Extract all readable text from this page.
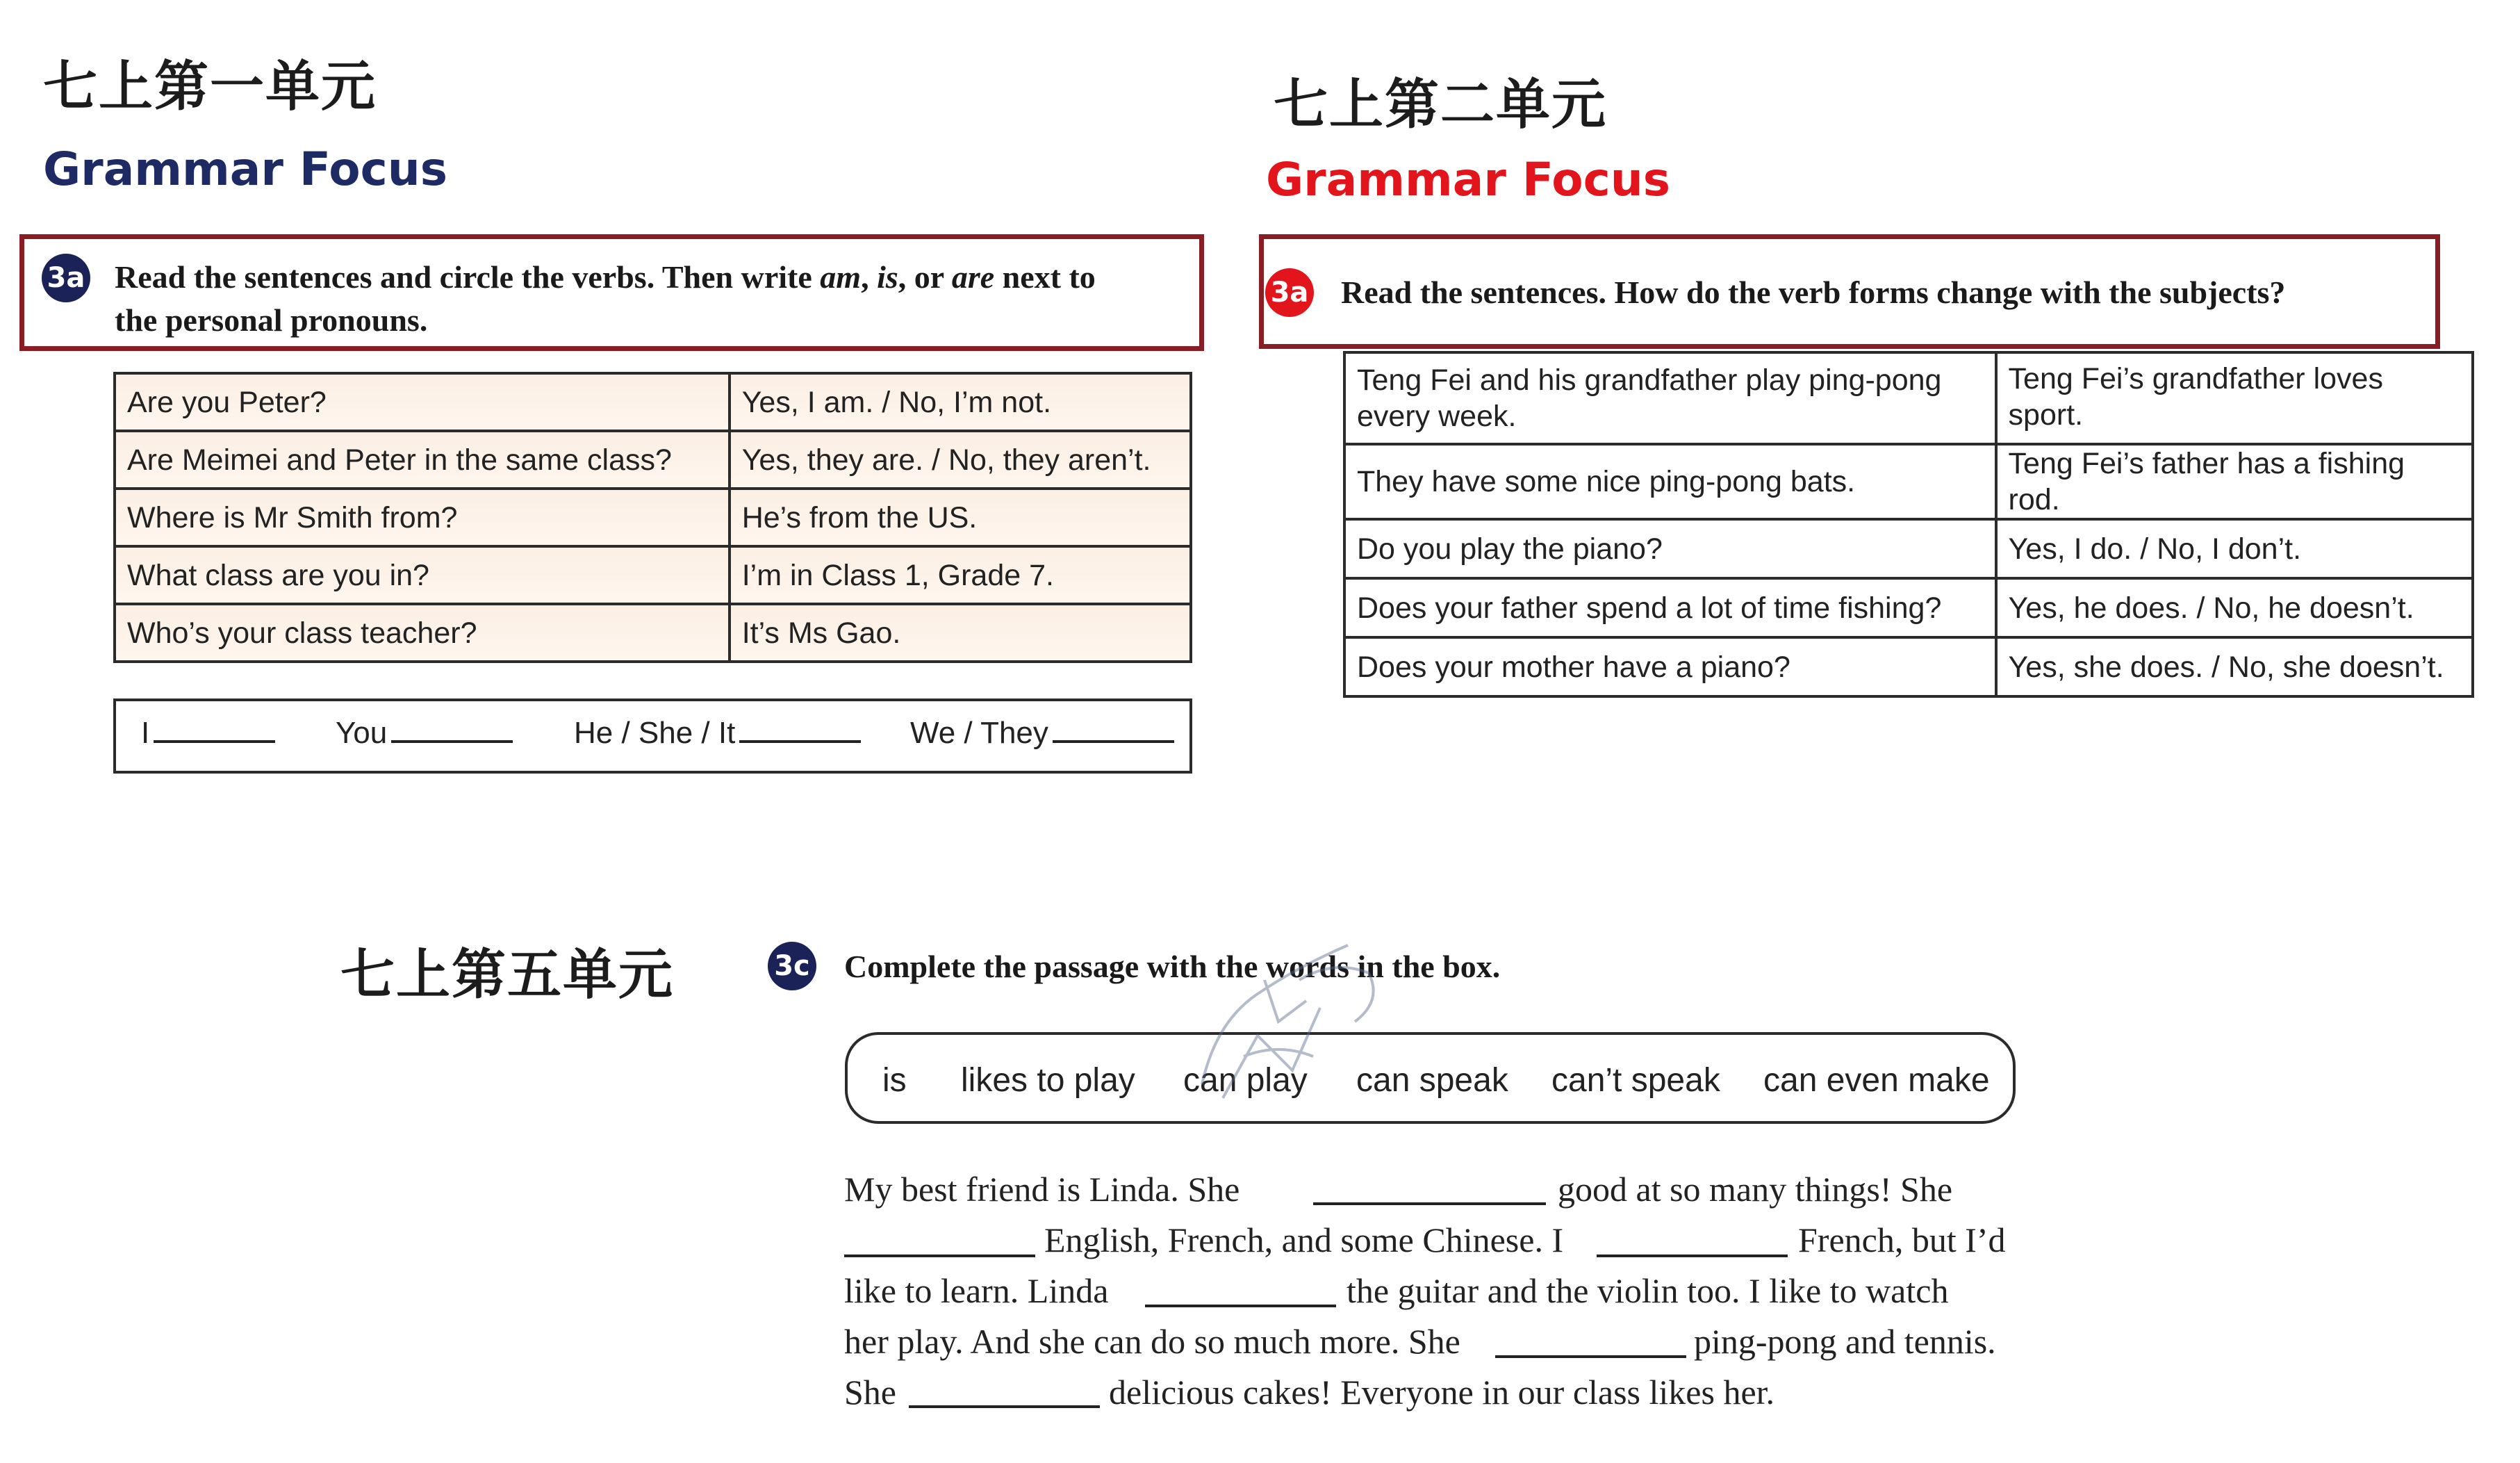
七上第一单元
Grammar Focus
3a Read the sentences and circle the verbs. Then write am, is, or are next to
the personal pronouns.
Are you Peter?	Yes, I am. / No, I’m not.
Are Meimei and Peter in the same class?	Yes, they are. / No, they aren’t.
Where is Mr Smith from?	He’s from the US.
What class are you in?	I’m in Class 1, Grade 7.
Who’s your class teacher?	It’s Ms Gao.
I	You	He / She / It	We / They
七上第二单元
Grammar Focus
3a Read the sentences. How do the verb forms change with the subjects?
Teng Fei and his grandfather play ping-pong every week.	Teng Fei’s grandfather loves sport.
They have some nice ping-pong bats.	Teng Fei’s father has a fishing rod.
Do you play the piano?	Yes, I do. / No, I don’t.
Does your father spend a lot of time fishing?	Yes, he does. / No, he doesn’t.
Does your mother have a piano?	Yes, she does. / No, she doesn’t.
七上第五单元	3c Complete the passage with the words in the box.
is likes to play can play can speak can’t speak can even make
My best friend is Linda. She	good at so many things! She
English, French, and some Chinese. I	French, but I’d
like to learn. Linda	the guitar and the violin too. I like to watch
her play. And she can do so much more. She	ping-pong and tennis.
She	delicious cakes! Everyone in our class likes her.
